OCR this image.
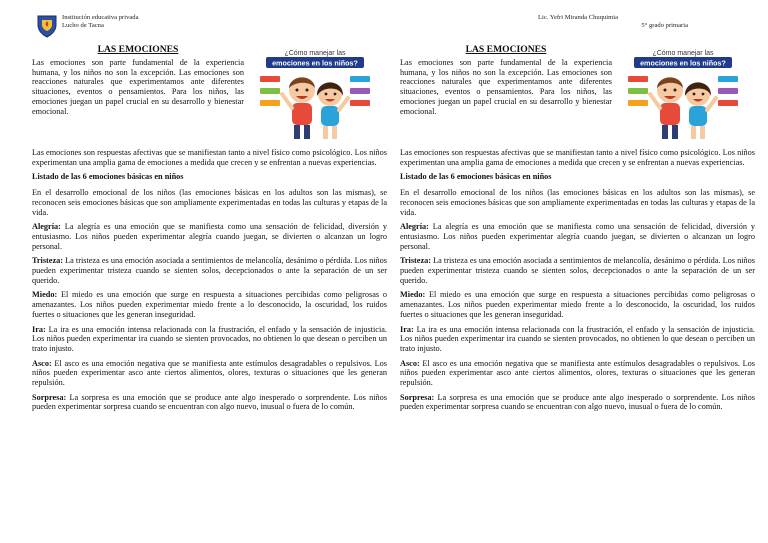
Institución educativa privada
Lucho de Tacna
Lic. Yefri Miranda Chuquimia
5° grado primaria
LAS EMOCIONES

Las emociones son parte fundamental de la experiencia humana, y los niños no son la excepción. Las emociones son reacciones naturales que experimentamos ante diferentes situaciones, eventos o pensamientos. Para los niños, las emociones juegan un papel crucial en su desarrollo y bienestar emocional.

¿Cómo manejar las
emociones en los niños?

Las emociones son respuestas afectivas que se manifiestan tanto a nivel físico como psicológico. Los niños experimentan una amplia gama de emociones a medida que crecen y se enfrentan a nuevas experiencias.

Listado de las 6 emociones básicas en niños

En el desarrollo emocional de los niños (las emociones básicas en los adultos son las mismas), se reconocen seis emociones básicas que son ampliamente experimentadas en todas las culturas y etapas de la vida.

Alegría: La alegría es una emoción que se manifiesta como una sensación de felicidad, diversión y entusiasmo. Los niños pueden experimentar alegría cuando juegan, se divierten o alcanzan un logro personal.

Tristeza: La tristeza es una emoción asociada a sentimientos de melancolía, desánimo o pérdida. Los niños pueden experimentar tristeza cuando se sienten solos, decepcionados o ante la separación de un ser querido.

Miedo: El miedo es una emoción que surge en respuesta a situaciones percibidas como peligrosas o amenazantes. Los niños pueden experimentar miedo frente a lo desconocido, la oscuridad, los ruidos fuertes o situaciones que les generan inseguridad.

Ira: La ira es una emoción intensa relacionada con la frustración, el enfado y la sensación de injusticia. Los niños pueden experimentar ira cuando se sienten provocados, no obtienen lo que desean o perciben un trato injusto.

Asco: El asco es una emoción negativa que se manifiesta ante estímulos desagradables o repulsivos. Los niños pueden experimentar asco ante ciertos alimentos, olores, texturas o situaciones que les generan repulsión.

Sorpresa: La sorpresa es una emoción que se produce ante algo inesperado o sorprendente. Los niños pueden experimentar sorpresa cuando se encuentran con algo nuevo, inusual o fuera de lo común.

LAS EMOCIONES

Las emociones son parte fundamental de la experiencia humana, y los niños no son la excepción. Las emociones son reacciones naturales que experimentamos ante diferentes situaciones, eventos o pensamientos. Para los niños, las emociones juegan un papel crucial en su desarrollo y bienestar emocional.

¿Cómo manejar las
emociones en los niños?

Las emociones son respuestas afectivas que se manifiestan tanto a nivel físico como psicológico. Los niños experimentan una amplia gama de emociones a medida que crecen y se enfrentan a nuevas experiencias.

Listado de las 6 emociones básicas en niños

En el desarrollo emocional de los niños (las emociones básicas en los adultos son las mismas), se reconocen seis emociones básicas que son ampliamente experimentadas en todas las culturas y etapas de la vida.

Alegría: La alegría es una emoción que se manifiesta como una sensación de felicidad, diversión y entusiasmo. Los niños pueden experimentar alegría cuando juegan, se divierten o alcanzan un logro personal.

Tristeza: La tristeza es una emoción asociada a sentimientos de melancolía, desánimo o pérdida. Los niños pueden experimentar tristeza cuando se sienten solos, decepcionados o ante la separación de un ser querido.

Miedo: El miedo es una emoción que surge en respuesta a situaciones percibidas como peligrosas o amenazantes. Los niños pueden experimentar miedo frente a lo desconocido, la oscuridad, los ruidos fuertes o situaciones que les generan inseguridad.

Ira: La ira es una emoción intensa relacionada con la frustración, el enfado y la sensación de injusticia. Los niños pueden experimentar ira cuando se sienten provocados, no obtienen lo que desean o perciben un trato injusto.

Asco: El asco es una emoción negativa que se manifiesta ante estímulos desagradables o repulsivos. Los niños pueden experimentar asco ante ciertos alimentos, olores, texturas o situaciones que les generan repulsión.

Sorpresa: La sorpresa es una emoción que se produce ante algo inesperado o sorprendente. Los niños pueden experimentar sorpresa cuando se encuentran con algo nuevo, inusual o fuera de lo común.
